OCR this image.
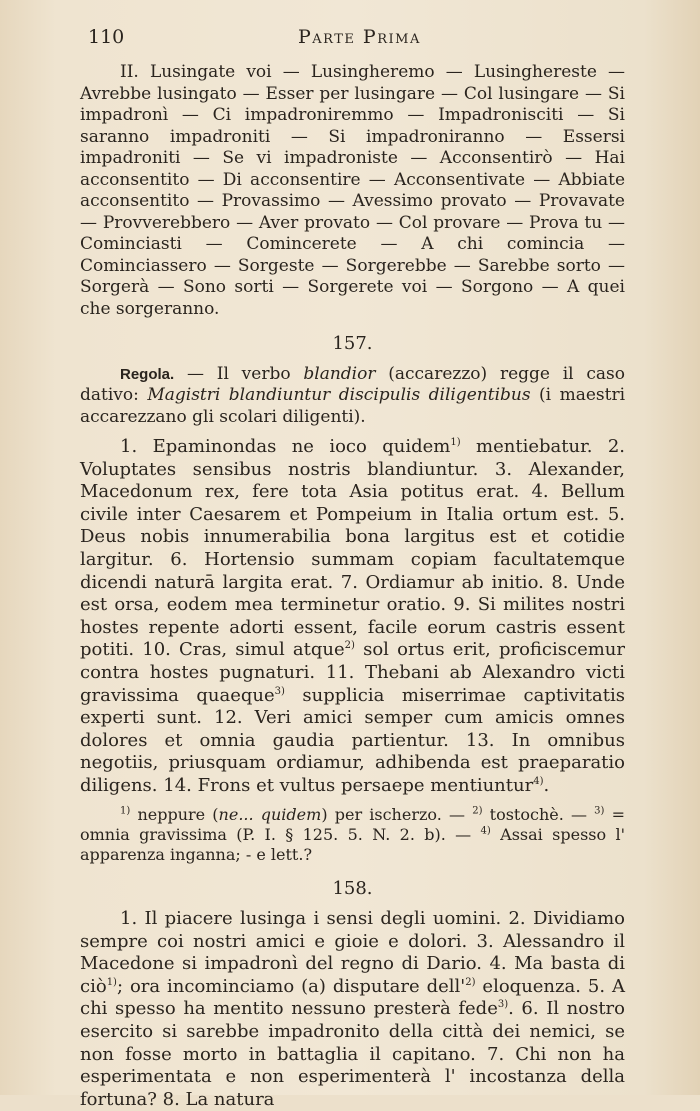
110	Parte Prima

II. Lusingate voi — Lusingheremo — Lusinghereste — Avrebbe lusingato — Esser per lusingare — Col lusingare — Si impadronì — Ci impadroniremmo — Impadronisciti — Si saranno impadroniti — Si impadroniranno — Essersi impadroniti — Se vi impadroniste — Acconsentirò — Hai acconsentito — Di acconsentire — Acconsentivate — Abbiate acconsentito — Provassimo — Avessimo provato — Provavate — Provverebbero — Aver provato — Col provare — Prova tu — Cominciasti — Comincerete — A chi comincia — Cominciassero — Sorgeste — Sorgerebbe — Sarebbe sorto — Sorgerà — Sono sorti — Sorgerete voi — Sorgono — A quei che sorgeranno.

157.

Regola. — Il verbo blandior (accarezzo) regge il caso dativo: Magistri blandiuntur discipulis diligentibus (i maestri accarezzano gli scolari diligenti).

1. Epaminondas ne ioco quidem$^{1)}$ mentiebatur. 2. Voluptates sensibus nostris blandiuntur. 3. Alexander, Macedonum rex, fere tota Asia potitus erat. 4. Bellum civile inter Caesarem et Pompeium in Italia ortum est. 5. Deus nobis innumerabilia bona largitus est et cotidie largitur. 6. Hortensio summam copiam facultatemque dicendi naturā largita erat. 7. Ordiamur ab initio. 8. Unde est orsa, eodem mea terminetur oratio. 9. Si milites nostri hostes repente adorti essent, facile eorum castris essent potiti. 10. Cras, simul atque$^{2)}$ sol ortus erit, proficiscemur contra hostes pugnaturi. 11. Thebani ab Alexandro victi gravissima quaeque$^{3)}$ supplicia miserrimae captivitatis experti sunt. 12. Veri amici semper cum amicis omnes dolores et omnia gaudia partientur. 13. In omnibus negotiis, priusquam ordiamur, adhibenda est praeparatio diligens. 14. Frons et vultus persaepe mentiuntur$^{4)}$.

$^{1)}$ neppure (ne... quidem) per ischerzo. — $^{2)}$ tostochè. — $^{3)}$ = omnia gravissima (P. I. § 125. 5. N. 2. b). — $^{4)}$ Assai spesso l' apparenza inganna; - e lett.?

158.

1. Il piacere lusinga i sensi degli uomini. 2. Dividiamo sempre coi nostri amici e gioie e dolori. 3. Alessandro il Macedone si impadronì del regno di Dario. 4. Ma basta di ciò$^{1)}$; ora incominciamo (a) disputare $dell'^{2)}$ eloquenza. 5. A chi spesso ha mentito nessuno presterà fede$^{3)}$. 6. Il nostro esercito si sarebbe impadronito della città dei nemici, se non fosse morto in battaglia il capitano. 7. Chi non ha esperimentata e non esperimenterà l' incostanza della fortuna? 8. La natura
